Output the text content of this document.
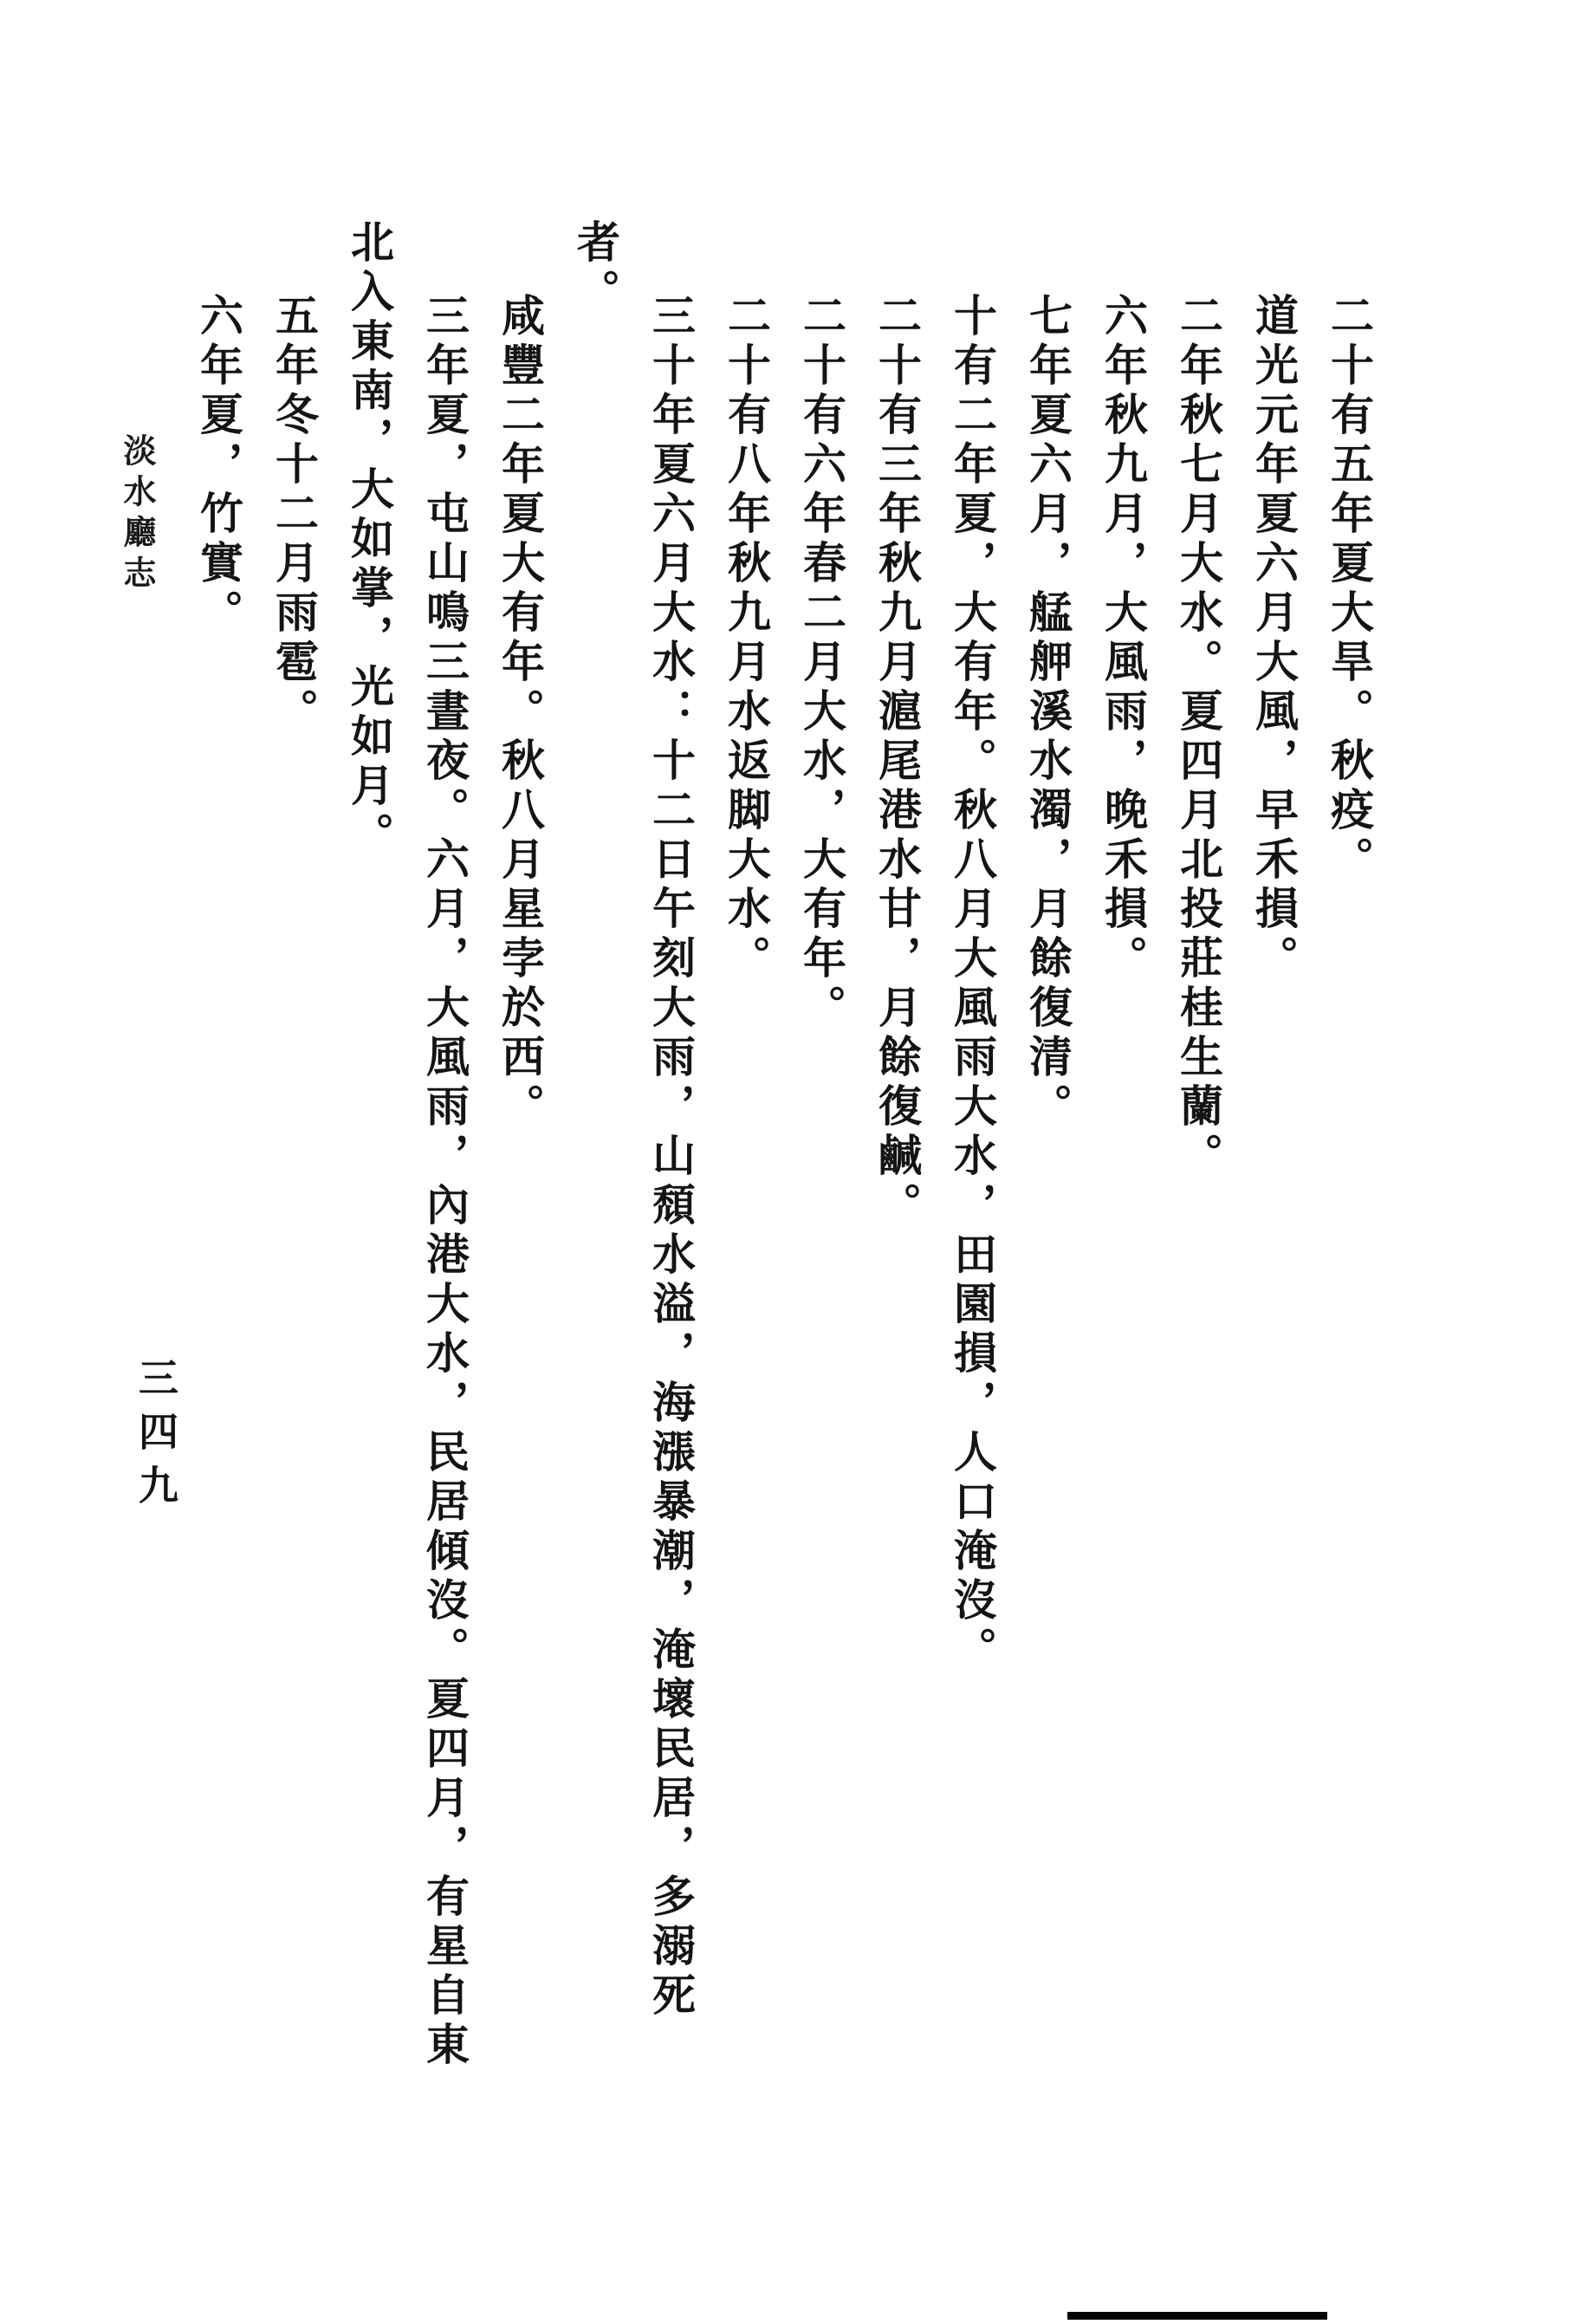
二十有五年夏大旱。秋疫。
道光元年夏六月大風，早禾損。
二年秋七月大水。夏四月北投莊桂生蘭。
六年秋九月，大風雨，晚禾損。
七年夏六月，艋舺溪水濁，月餘復清。
十有二年夏，大有年。秋八月大風雨大水，田園損，人口淹沒。
二十有三年秋九月滬尾港水甘，月餘復鹹。
二十有六年春二月大水，大有年。
二十有八年秋九月水返脚大水。
三十年夏六月大水：十二日午刻大雨，山頹水溢，海漲暴潮，淹壞民居，多溺死
者。
咸豐二年夏大有年。秋八月星孛於西。
三年夏，屯山鳴三晝夜。六月，大風雨，內港大水，民居傾沒。夏四月，有星自東
北入東南，大如掌，光如月。
五年冬十二月雨雹。
六年夏，竹實。
淡水廳志
三四九
